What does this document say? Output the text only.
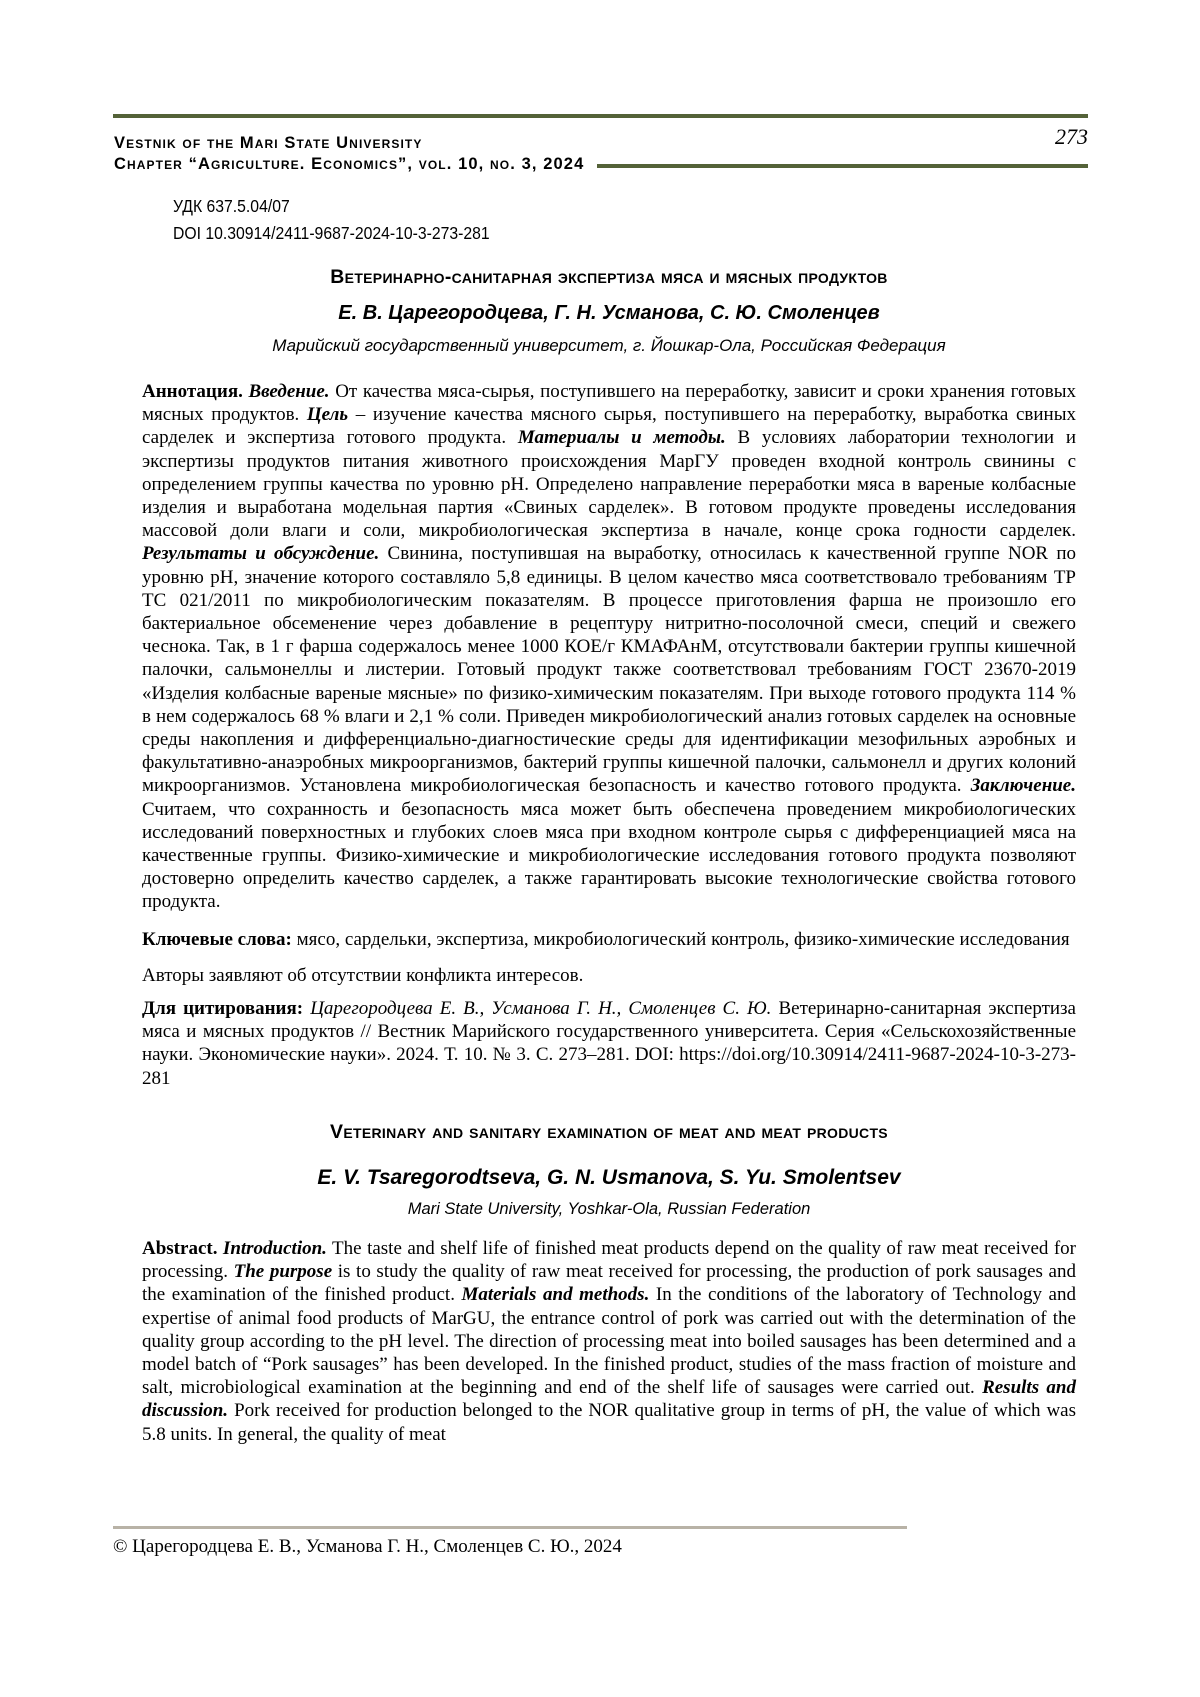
Vestnik of the Mari State University
Chapter “Agriculture. Economics”, vol. 10, no. 3, 2024
273
УДК 637.5.04/07
DOI 10.30914/2411-9687-2024-10-3-273-281
Ветеринарно-санитарная экспертиза мяса и мясных продуктов
Е. В. Царегородцева, Г. Н. Усманова, С. Ю. Смоленцев
Марийский государственный университет, г. Йошкар-Ола, Российская Федерация

Аннотация. Введение. От качества мяса-сырья, поступившего на переработку, зависит и сроки хранения готовых мясных продуктов. Цель – изучение качества мясного сырья, поступившего на переработку, выработка свиных сарделек и экспертиза готового продукта. Материалы и методы. В условиях лаборатории технологии и экспертизы продуктов питания животного происхождения МарГУ проведен входной контроль свинины с определением группы качества по уровню pH. Определено направление переработки мяса в вареные колбасные изделия и выработана модельная партия «Свиных сарделек». В готовом продукте проведены исследования массовой доли влаги и соли, микробиологическая экспертиза в начале, конце срока годности сарделек. Результаты и обсуждение. Свинина, поступившая на выработку, относилась к качественной группе NOR по уровню pH, значение которого составляло 5,8 единицы. В целом качество мяса соответствовало требованиям ТР ТС 021/2011 по микробиологическим показателям. В процессе приготовления фарша не произошло его бактериальное обсеменение через добавление в рецептуру нитритно-посолочной смеси, специй и свежего чеснока. Так, в 1 г фарша содержалось менее 1000 КОЕ/г КМАФАнМ, отсутствовали бактерии группы кишечной палочки, сальмонеллы и листерии. Готовый продукт также соответствовал требованиям ГОСТ 23670-2019 «Изделия колбасные вареные мясные» по физико-химическим показателям. При выходе готового продукта 114 % в нем содержалось 68 % влаги и 2,1 % соли. Приведен микробиологический анализ готовых сарделек на основные среды накопления и дифференциально-диагностические среды для идентификации мезофильных аэробных и факультативно-анаэробных микроорганизмов, бактерий группы кишечной палочки, сальмонелл и других колоний микроорганизмов. Установлена микробиологическая безопасность и качество готового продукта. Заключение. Считаем, что сохранность и безопасность мяса может быть обеспечена проведением микробиологических исследований поверхностных и глубоких слоев мяса при входном контроле сырья с дифференциацией мяса на качественные группы. Физико-химические и микробиологические исследования готового продукта позволяют достоверно определить качество сарделек, а также гарантировать высокие технологические свойства готового продукта.

Ключевые слова: мясо, сардельки, экспертиза, микробиологический контроль, физико-химические исследования

Авторы заявляют об отсутствии конфликта интересов.

Для цитирования: Царегородцева Е. В., Усманова Г. Н., Смоленцев С. Ю. Ветеринарно-санитарная экспертиза мяса и мясных продуктов // Вестник Марийского государственного университета. Серия «Сельскохозяйственные науки. Экономические науки». 2024. Т. 10. № 3. С. 273–281. DOI: https://doi.org/10.30914/2411-9687-2024-10-3-273-281

Veterinary and sanitary examination of meat and meat products
E. V. Tsaregorodtseva, G. N. Usmanova, S. Yu. Smolentsev
Mari State University, Yoshkar-Ola, Russian Federation

Abstract. Introduction. The taste and shelf life of finished meat products depend on the quality of raw meat received for processing. The purpose is to study the quality of raw meat received for processing, the production of pork sausages and the examination of the finished product. Materials and methods. In the conditions of the laboratory of Technology and expertise of animal food products of MarGU, the entrance control of pork was carried out with the determination of the quality group according to the pH level. The direction of processing meat into boiled sausages has been determined and a model batch of “Pork sausages” has been developed. In the finished product, studies of the mass fraction of moisture and salt, microbiological examination at the beginning and end of the shelf life of sausages were carried out. Results and discussion. Pork received for production belonged to the NOR qualitative group in terms of pH, the value of which was 5.8 units. In general, the quality of meat

© Царегородцева Е. В., Усманова Г. Н., Смоленцев С. Ю., 2024
